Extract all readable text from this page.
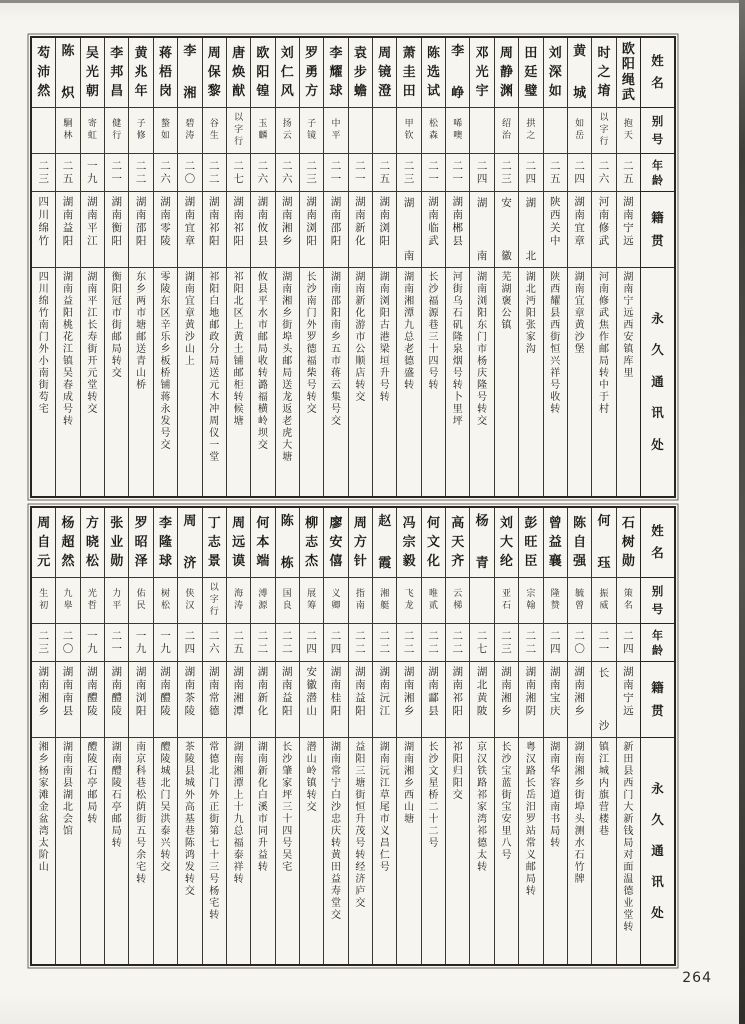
姓
名
别
号
年
龄
籍
贯
永
久
通
讯
处
欧
阳
绳
武
抱
天
二
五
湖
南
宁
远
湖
南
宁
远
西
安
镇
库
里
时
之
堉
以
字
行
二
六
河
南
修
武
河
南
修
武
焦
作
邮
局
转
中
于
村
黄
城
如
岳
二
四
湖
南
宜
章
湖
南
宜
章
黄
沙
堡
刘
深
如
二
五
陕
西
关
中
陕
西
耀
县
西
街
恒
兴
祥
号
收
转
田
廷
璧
拱
之
二
四
湖
北
湖
北
沔
阳
张
家
沟
周
静
渊
绍
治
二
三
安
徽
芜
湖
褒
公
镇
邓
光
宇
二
四
湖
南
湖
南
浏
阳
东
门
市
杨
庆
隆
号
转
交
李
峥
唏
噢
二
一
湖
南
郴
县
河
街
乌
石
矶
隆
泉
烟
号
转
卜
里
坪
陈
选
试
松
森
二
一
湖
南
临
武
长
沙
福
源
巷
三
十
四
号
转
萧
圭
田
甲
钦
二
三
湖
南
湖
南
湘
潭
九
总
老
德
盛
转
周
镜
澄
二
五
湖
南
浏
阳
湖
南
浏
阳
古
港
梁
垣
升
号
转
袁
步
蟾
二
一
湖
南
新
化
湖
南
新
化
游
市
公
顺
店
转
交
李
耀
球
中
平
二
一
湖
南
邵
阳
湖
南
邵
阳
南
乡
五
市
蒋
云
集
号
交
罗
勇
方
子
镜
二
三
湖
南
浏
阳
长
沙
南
门
外
罗
德
福
柴
号
转
交
刘
仁
风
扬
云
二
六
湖
南
湘
乡
湖
南
湘
乡
街
埠
头
邮
局
送
龙
返
老
虎
大
塘
欧
阳
锽
玉
麟
二
六
湖
南
攸
县
攸
县
平
水
市
邮
局
收
转
潞
福
横
岭
坝
交
唐
焕
猷
以
字
行
二
七
湖
南
祁
阳
祁
阳
北
区
上
黄
土
铺
邮
柜
转
候
塘
周
保
黎
谷
生
二
二
湖
南
祁
阳
祁
阳
白
地
邮
政
分
局
送
元
木
冲
周
仪
一
堂
李
湘
碧
涛
二
〇
湖
南
宜
章
湖
南
宜
章
黄
沙
山
上
蒋
梧
岗
螯
如
二
六
湖
南
零
陵
零
陵
东
区
辛
乐
乡
板
桥
铺
蒋
永
发
号
交
黄
兆
年
子
修
二
二
湖
南
邵
阳
东
乡
两
市
塘
邮
送
青
山
桥
李
邦
昌
健
行
二
一
湖
南
衡
阳
衡
阳
冠
市
街
邮
局
转
交
吴
光
朝
寄
虹
一
九
湖
南
平
江
湖
南
平
江
长
寿
街
开
元
堂
转
交
陈
炽
駧
林
二
五
湖
南
益
阳
湖
南
益
阳
桃
花
江
镇
吴
春
成
号
转
芶
沛
然
二
三
四
川
绵
竹
四
川
绵
竹
南
门
外
小
南
街
芶
宅
姓
名
别
号
年
龄
籍
贯
永
久
通
讯
处
石
树
勋
策
名
二
四
湖
南
宁
远
新
田
县
西
门
大
新
钱
局
对
面
温
德
业
堂
转
何
珏
振
威
二
一
长
沙
镇
江
城
内
旗
营
楼
巷
陈
自
强
毓
曾
二
〇
湖
南
湘
乡
湖
南
湘
乡
街
埠
头
测
水
石
竹
牌
曾
益
襄
隆
赞
二
四
湖
南
宝
庆
湖
南
华
容
道
南
书
局
转
彭
旺
臣
宗
翰
二
二
湖
南
湘
阴
粤
汉
路
长
岳
汨
罗
站
常
义
邮
局
转
刘
大
纶
亚
石
二
三
湖
南
湘
乡
长
沙
宝
蓝
街
宝
安
里
八
号
杨
青
二
七
湖
北
黄
陂
京
汉
铁
路
祁
家
湾
祁
德
太
转
高
天
齐
云
梯
二
二
湖
南
祁
阳
祁
阳
归
阳
交
何
文
化
唯
贰
二
二
湖
南
酃
县
长
沙
文
星
桥
二
十
二
号
冯
宗
毅
飞
龙
二
二
湖
南
湘
乡
湖
南
湘
乡
西
山
塘
赵
霞
湘
艇
二
二
湖
南
沅
江
湖
南
沅
江
草
尾
市
义
昌
仁
号
周
方
针
指
南
二
二
湖
南
益
阳
益
阳
三
塘
街
恒
升
茂
号
转
经
济
庐
交
廖
安
僖
义
卿
二
四
湖
南
桂
阳
湖
南
常
宁
白
沙
忠
庆
转
黄
田
益
寿
堂
交
柳
志
杰
展
筹
二
四
安
徽
潜
山
潜
山
岭
镇
转
交
陈
栋
国
良
二
二
湖
南
益
阳
长
沙
肇
家
坪
三
十
四
号
吴
宅
何
本
端
溥
源
二
二
湖
南
新
化
湖
南
新
化
白
溪
市
同
升
益
转
周
远
谟
海
涛
二
五
湖
南
湘
潭
湖
南
湘
潭
上
十
九
总
福
泰
祥
转
丁
志
景
以
字
行
二
六
湖
南
常
德
常
德
北
门
外
正
街
第
七
十
三
号
杨
宅
转
周
济
侠
汉
二
四
湖
南
茶
陵
茶
陵
县
城
外
高
基
巷
陈
鸿
发
转
交
李
隆
球
树
松
一
九
湖
南
醴
陵
醴
陵
城
北
门
吴
洪
泰
兴
转
交
罗
昭
泽
佑
民
一
九
湖
南
浏
阳
南
京
科
巷
松
荫
街
五
号
余
宅
转
张
业
勋
力
平
二
一
湖
南
醴
陵
湖
南
醴
陵
石
亭
邮
局
转
方
晓
松
光
哲
一
九
湖
南
醴
陵
醴
陵
石
亭
邮
局
转
杨
超
然
九
皋
二
〇
湖
南
南
县
湖
南
南
县
湖
北
会
馆
周
自
元
生
初
二
三
湖
南
湘
乡
湘
乡
杨
家
滩
金
盆
湾
太
阶
山
264
